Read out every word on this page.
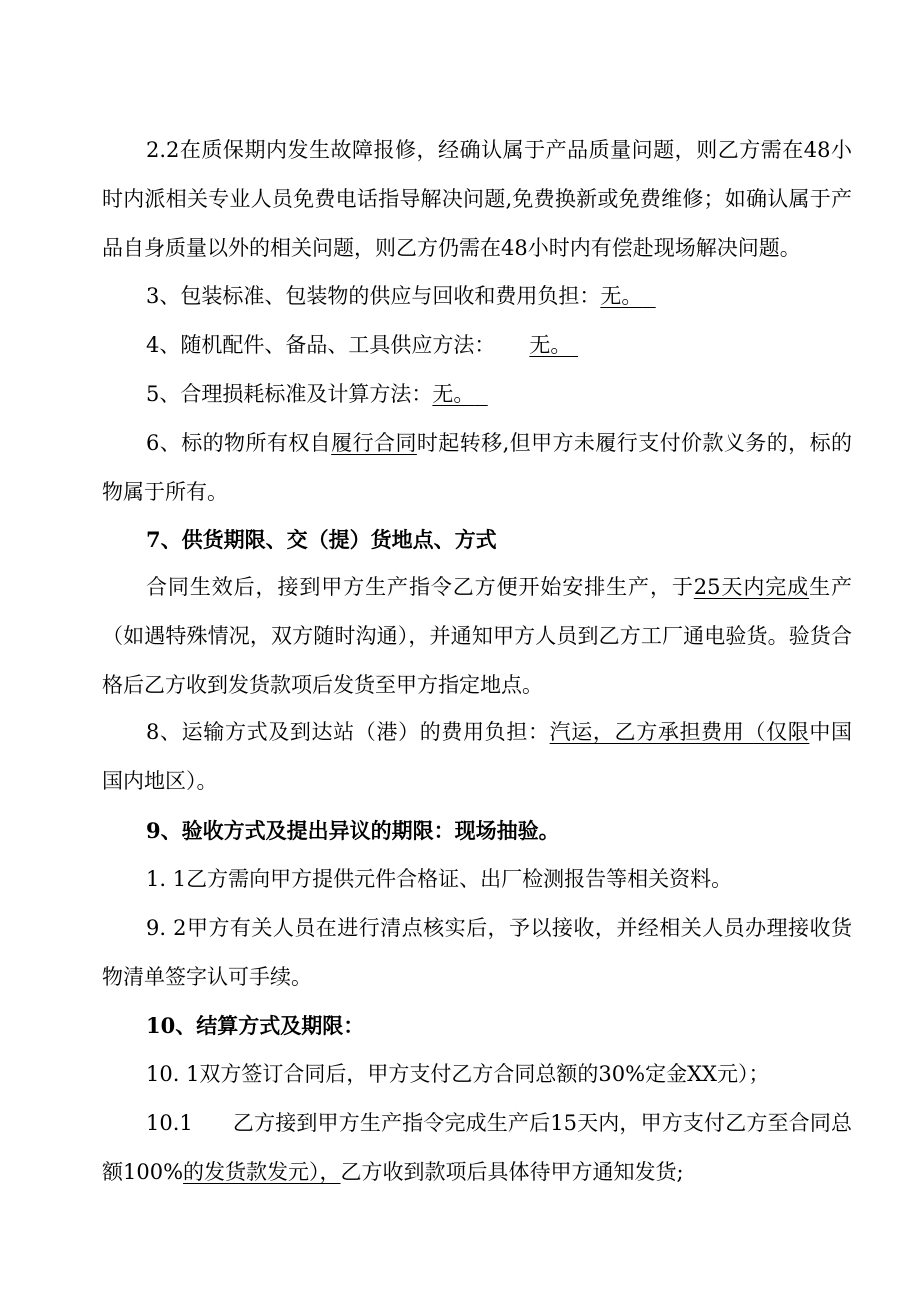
2.2在质保期内发生故障报修，经确认属于产品质量问题，则乙方需在48小时内派相关专业人员免费电话指导解决问题,免费换新或免费维修；如确认属于产品自身质量以外的相关问题，则乙方仍需在48小时内有偿赴现场解决问题。

3、包装标准、包装物的供应与回收和费用负担：无。

4、随机配件、备品、工具供应方法： 无。

5、合理损耗标准及计算方法：无。

6、标的物所有权自履行合同时起转移,但甲方未履行支付价款义务的，标的物属于所有。

7、供货期限、交（提）货地点、方式

合同生效后，接到甲方生产指令乙方便开始安排生产，于25天内完成生产（如遇特殊情况，双方随时沟通），并通知甲方人员到乙方工厂通电验货。验货合格后乙方收到发货款项后发货至甲方指定地点。

8、运输方式及到达站（港）的费用负担：汽运，乙方承担费用（仅限中国国内地区）。

9、验收方式及提出异议的期限：现场抽验。

1. 1乙方需向甲方提供元件合格证、出厂检测报告等相关资料。

9. 2甲方有关人员在进行清点核实后，予以接收，并经相关人员办理接收货物清单签字认可手续。

10、结算方式及期限：

10. 1双方签订合同后，甲方支付乙方合同总额的30%定金XX元）；

10.1 乙方接到甲方生产指令完成生产后15天内，甲方支付乙方至合同总额100%的发货款发元），乙方收到款项后具体待甲方通知发货;
